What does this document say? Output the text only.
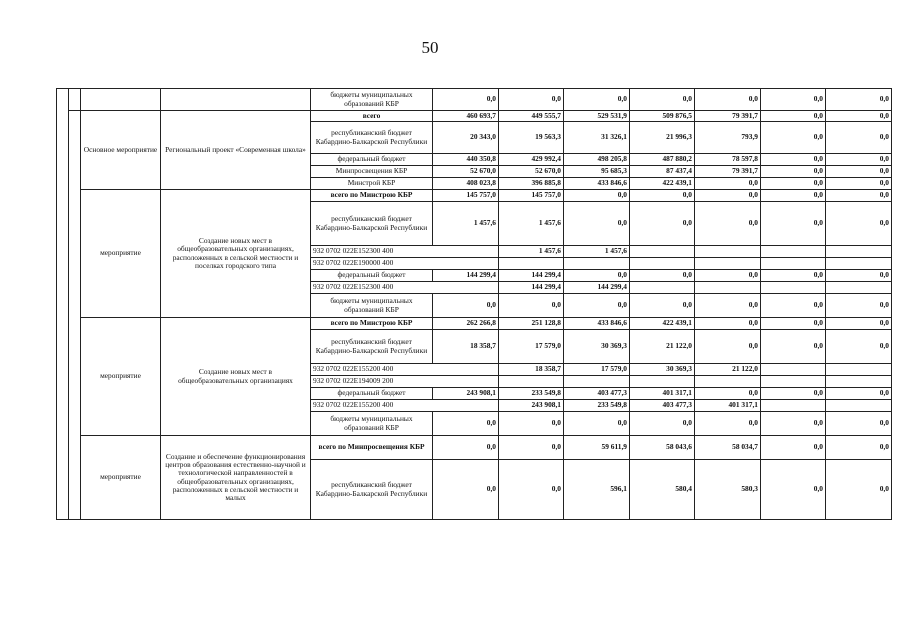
50
				бюджеты муниципальных образований КБР	0,0	0,0	0,0	0,0	0,0	0,0	0,0	
		Основное мероприятие	Региональный проект «Современная школа»	всего	460 693,7	449 555,7	529 531,9	509 876,5	79 391,7	0,0	0,0	
				республиканский бюджет Кабардино-Балкарской Республики	20 343,0	19 563,3	31 326,1	21 996,3	793,9	0,0	0,0	
				федеральный бюджет	440 350,8	429 992,4	498 205,8	487 880,2	78 597,8	0,0	0,0	
				Минпросвещения КБР	52 670,0	52 670,0	95 685,3	87 437,4	79 391,7	0,0	0,0	
				Минстрой КБР	408 023,8	396 885,8	433 846,6	422 439,1	0,0	0,0	0,0	
		мероприятие	Создание новых мест в общеобразовательных организациях, расположенных в сельской местности и поселках городского типа	всего по Минстрою КБР	145 757,0	145 757,0	0,0	0,0	0,0	0,0	0,0	
				республиканский бюджет Кабардино-Балкарской Республики	1 457,6	1 457,6	0,0	0,0	0,0	0,0	0,0	
				932 0702 022E152300 400		1 457,6	1 457,6					
				932 0702 022E190000 400								
				федеральный бюджет	144 299,4	144 299,4	0,0	0,0	0,0	0,0	0,0	
				932 0702 022E152300 400		144 299,4	144 299,4					
				бюджеты муниципальных образований КБР	0,0	0,0	0,0	0,0	0,0	0,0	0,0	
		мероприятие	Создание новых мест в общеобразовательных организациях	всего по Минстрою КБР	262 266,8	251 128,8	433 846,6	422 439,1	0,0	0,0	0,0	
				республиканский бюджет Кабардино-Балкарской Республики	18 358,7	17 579,0	30 369,3	21 122,0	0,0	0,0	0,0	
				932 0702 022E155200 400		18 358,7	17 579,0	30 369,3	21 122,0			
				932 0702 022E194009 200								
				федеральный бюджет	243 908,1	233 549,8	403 477,3	401 317,1	0,0	0,0	0,0	
				932 0702 022E155200 400		243 908,1	233 549,8	403 477,3	401 317,1			
				бюджеты муниципальных образований КБР	0,0	0,0	0,0	0,0	0,0	0,0	0,0	
		мероприятие	Создание и обеспечение функционирования центров образования естественно-научной и технологической направленностей в общеобразовательных организациях, расположенных в сельской местности и малых	всего по Минпросвещения КБР	0,0	0,0	59 611,9	58 043,6	58 034,7	0,0	0,0	
				республиканский бюджет Кабардино-Балкарской Республики	0,0	0,0	596,1	580,4	580,3	0,0	0,0	
